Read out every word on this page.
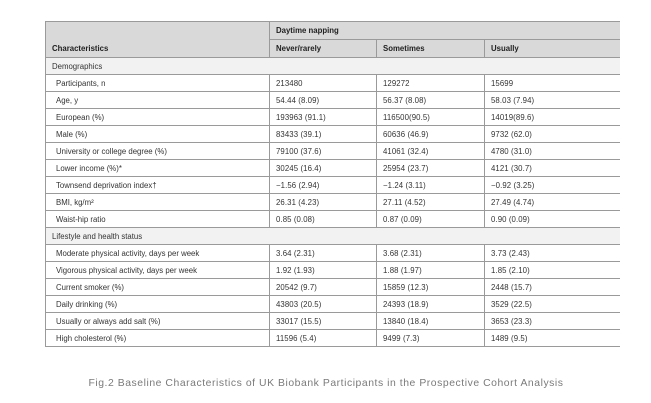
	Daytime napping		
Characteristics	Never/rarely	Sometimes	Usually
Demographics			
Participants, n	213480	129272	15699
Age, y	54.44 (8.09)	56.37 (8.08)	58.03 (7.94)
European (%)	193963 (91.1)	116500(90.5)	14019(89.6)
Male (%)	83433 (39.1)	60636 (46.9)	9732 (62.0)
University or college degree (%)	79100 (37.6)	41061 (32.4)	4780 (31.0)
Lower income (%)*	30245 (16.4)	25954 (23.7)	4121 (30.7)
Townsend deprivation index†	−1.56 (2.94)	−1.24 (3.11)	−0.92 (3.25)
BMI, kg/m²	26.31 (4.23)	27.11 (4.52)	27.49 (4.74)
Waist-hip ratio	0.85 (0.08)	0.87 (0.09)	0.90 (0.09)
Lifestyle and health status			
Moderate physical activity, days per week	3.64 (2.31)	3.68 (2.31)	3.73 (2.43)
Vigorous physical activity, days per week	1.92 (1.93)	1.88 (1.97)	1.85 (2.10)
Current smoker (%)	20542 (9.7)	15859 (12.3)	2448 (15.7)
Daily drinking (%)	43803 (20.5)	24393 (18.9)	3529 (22.5)
Usually or always add salt (%)	33017 (15.5)	13840 (18.4)	3653 (23.3)
High cholesterol (%)	11596 (5.4)	9499 (7.3)	1489 (9.5)
Fig.2 Baseline Characteristics of UK Biobank Participants in the Prospective Cohort Analysis
